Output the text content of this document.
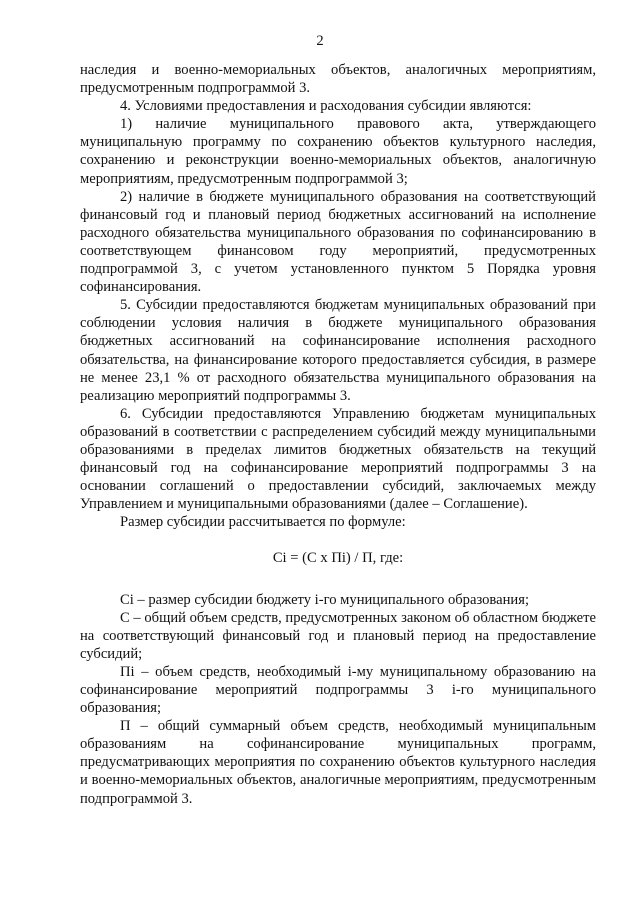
2

наследия и военно-мемориальных объектов, аналогичных мероприятиям, предусмотренным подпрограммой 3.

4. Условиями предоставления и расходования субсидии являются:

1) наличие муниципального правового акта, утверждающего муниципальную программу по сохранению объектов культурного наследия, сохранению и реконструкции военно-мемориальных объектов, аналогичную мероприятиям, предусмотренным подпрограммой 3;

2) наличие в бюджете муниципального образования на соответствующий финансовый год и плановый период бюджетных ассигнований на исполнение расходного обязательства муниципального образования по софинансированию в соответствующем финансовом году мероприятий, предусмотренных подпрограммой 3, с учетом установленного пунктом 5 Порядка уровня софинансирования.

5. Субсидии предоставляются бюджетам муниципальных образований при соблюдении условия наличия в бюджете муниципального образования бюджетных ассигнований на софинансирование исполнения расходного обязательства, на финансирование которого предоставляется субсидия, в размере не менее 23,1 % от расходного обязательства муниципального образования на реализацию мероприятий подпрограммы 3.

6. Субсидии предоставляются Управлению бюджетам муниципальных образований в соответствии с распределением субсидий между муниципальными образованиями в пределах лимитов бюджетных обязательств на текущий финансовый год на софинансирование мероприятий подпрограммы 3 на основании соглашений о предоставлении субсидий, заключаемых между Управлением и муниципальными образованиями (далее – Соглашение).

Размер субсидии рассчитывается по формуле:

Ci = (С х Пi) / П, где:

Ci – размер субсидии бюджету i-го муниципального образования;

С – общий объем средств, предусмотренных законом об областном бюджете на соответствующий финансовый год и плановый период на предоставление субсидий;

Пi – объем средств, необходимый i-му муниципальному образованию на софинансирование мероприятий подпрограммы 3 i-го муниципального образования;

П – общий суммарный объем средств, необходимый муниципальным образованиям на софинансирование муниципальных программ, предусматривающих мероприятия по сохранению объектов культурного наследия и военно-мемориальных объектов, аналогичные мероприятиям, предусмотренным подпрограммой 3.
